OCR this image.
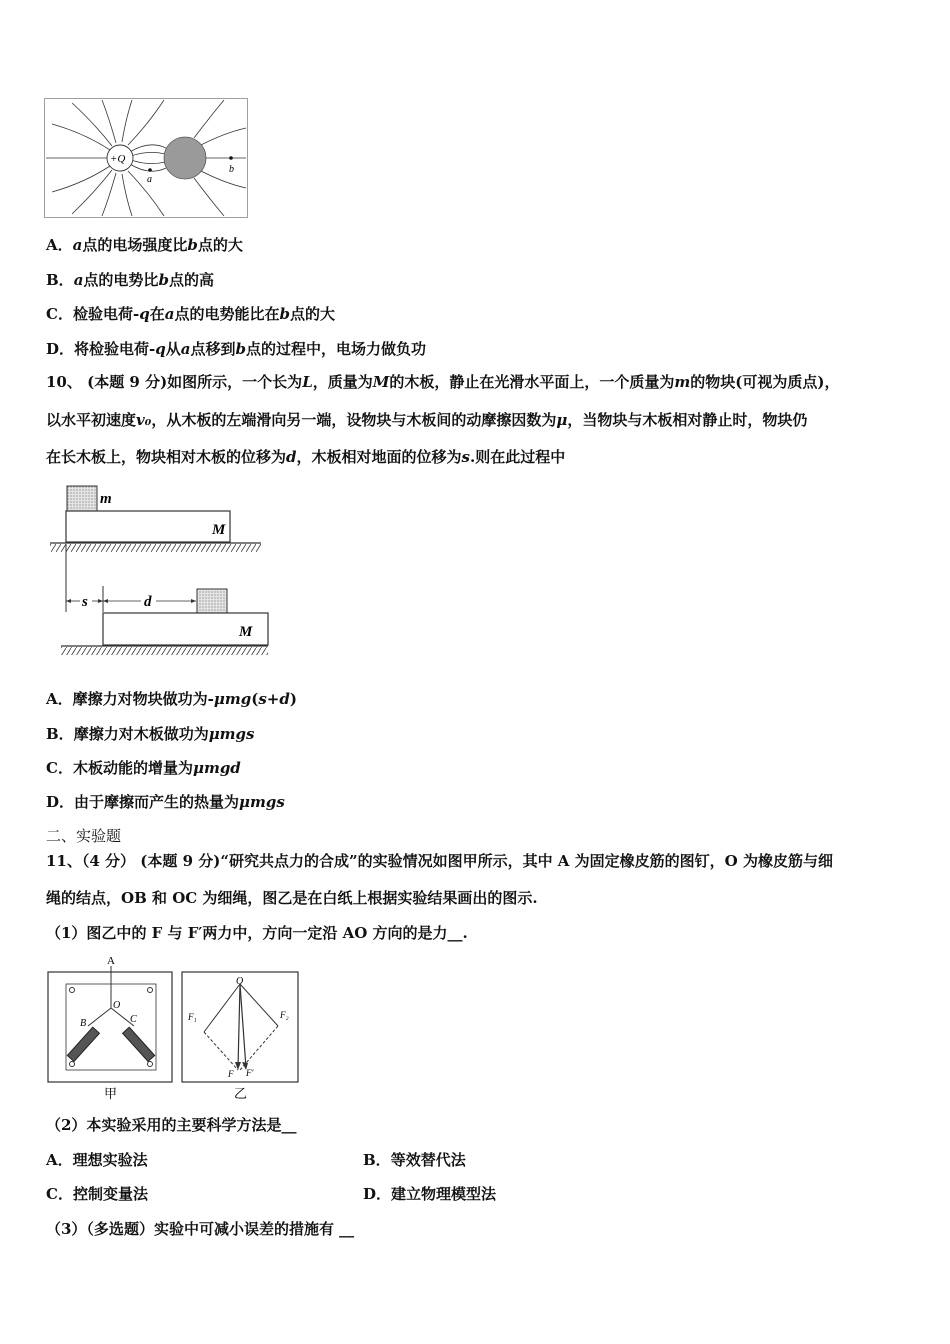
+Q
a
b
A．a点的电场强度比b点的大
B．a点的电势比b点的高
C．检验电荷-q在a点的电势能比在b点的大
D．将检验电荷-q从a点移到b点的过程中，电场力做负功
10、 (本题 9 分)如图所示，一个长为L，质量为M的木板，静止在光滑水平面上，一个质量为m的物块(可视为质点)，
以水平初速度v₀，从木板的左端滑向另一端，设物块与木板间的动摩擦因数为μ，当物块与木板相对静止时，物块仍
在长木板上，物块相对木板的位移为d，木板相对地面的位移为s.则在此过程中
m
M
s	d
M
A．摩擦力对物块做功为-μmg(s+d)
B．摩擦力对木板做功为μmgs
C．木板动能的增量为μmgd
D．由于摩擦而产生的热量为μmgs
二、实验题
11、（4 分） (本题 9 分)“研究共点力的合成”的实验情况如图甲所示，其中 A 为固定橡皮筋的图钉，O 为橡皮筋与细
绳的结点，OB 和 OC 为细绳，图乙是在白纸上根据实验结果画出的图示.
（1）图乙中的 F 与 F′两力中，方向一定沿 AO 方向的是力__.
A
O
B	C
甲
O
F₁	F₂
F F′
乙
（2）本实验采用的主要科学方法是__
A．理想实验法	B．等效替代法
C．控制变量法	D．建立物理模型法
（3）（多选题）实验中可减小误差的措施有 __
